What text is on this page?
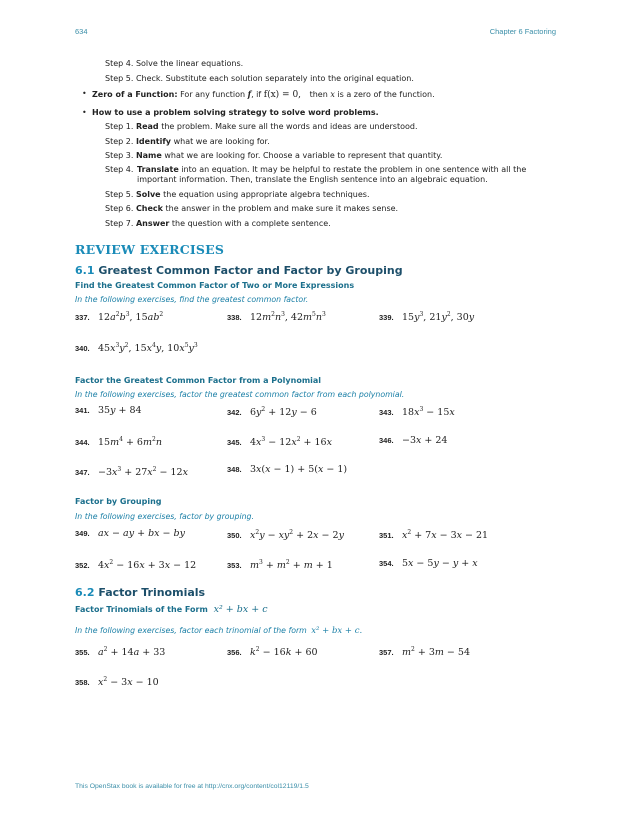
634	Chapter 6 Factoring
Step 4. Solve the linear equations.
Step 5. Check. Substitute each solution separately into the original equation.
• Zero of a Function: For any function f, if f(x) = 0, then x is a zero of the function.
• How to use a problem solving strategy to solve word problems.
Step 1. Read the problem. Make sure all the words and ideas are understood.
Step 2. Identify what we are looking for.
Step 3. Name what we are looking for. Choose a variable to represent that quantity.
Step 4. Translate into an equation. It may be helpful to restate the problem in one sentence with all the important information. Then, translate the English sentence into an algebraic equation.
Step 5. Solve the equation using appropriate algebra techniques.
Step 6. Check the answer in the problem and make sure it makes sense.
Step 7. Answer the question with a complete sentence.
REVIEW EXERCISES
6.1 Greatest Common Factor and Factor by Grouping
Find the Greatest Common Factor of Two or More Expressions
In the following exercises, find the greatest common factor.
337. $12a^2b^3$, $15ab^2$	338. $12m^2n^3$, $42m^5n^3$	339. $15y^3$, $21y^2$, 30y
340. $45x^3y^2$, $15x^4y$, $10x^5y^3$
Factor the Greatest Common Factor from a Polynomial
In the following exercises, factor the greatest common factor from each polynomial.
341. 35y + 84	342. $6y^2 + 12y - 6$	343. $18x^3 - 15x$
344. $15m^4 + 6m^2n$	345. $4x^3 - 12x^2 + 16x$	346. −3x + 24
347. $-3x^3 + 27x^2 - 12x$	348. 3x(x − 1) + 5(x − 1)
Factor by Grouping
In the following exercises, factor by grouping.
349. ax − ay + bx − by	350. $x^2y - xy^2 + 2x - 2y$	351. $x^2 + 7x - 3x - 21$
352. $4x^2 - 16x + 3x - 12$	353. $m^3 + m^2 + m + 1$	354. 5x − 5y − y + x
6.2 Factor Trinomials
Factor Trinomials of the Form x² + bx + c
In the following exercises, factor each trinomial of the form x² + bx + c.
355. $a^2 + 14a + 33$	356. $k^2 - 16k + 60$	357. $m^2 + 3m - 54$
358. $x^2 - 3x - 10$
This OpenStax book is available for free at http://cnx.org/content/col12119/1.5
